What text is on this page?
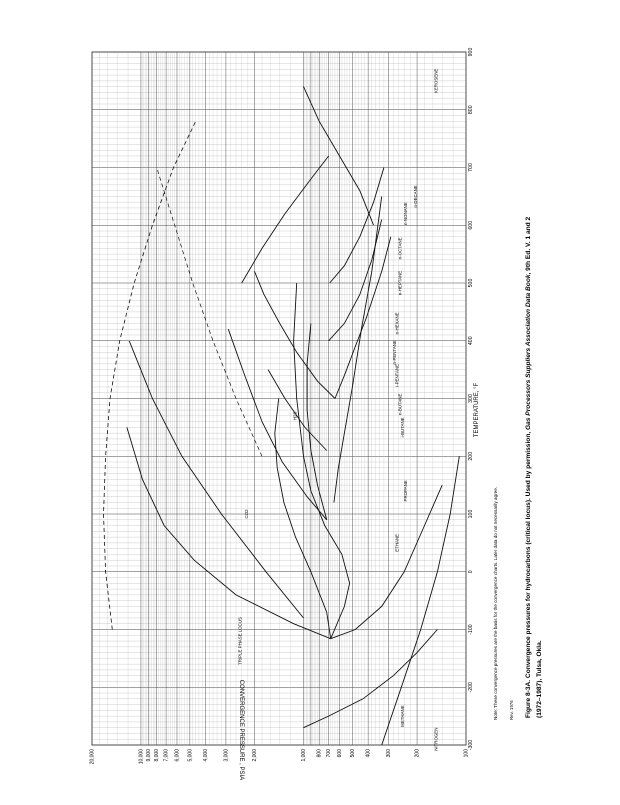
TRIPLE PHASE LOCUS
METHANE
ETHANE
PROPANE
n-BUTANE
i-BUTANE
n-PENTANE
i-PENTANE
n-HEXANE
n-HEPTANE
n-OCTANE
n-NONANE
n-DECANE
KEROSENE
NITROGEN
H2S
CO2
-300
-200
-100
0
100
200
300
400
500
600
700
800
900
100
200
300
400
500
600
700
800
1,000
2,000
3,000
4,000
5,000
6,000
7,000
8,000
9,000
10,000
20,000
TEMPERATURE, °F
CONVERGENCE PRESSURE , PSIA
Note: These convergence pressures are the basis for the convergence charts. Later data do not necessarily agree.	Rev. 1976 Figure 8-3A. Convergence pressures for hydrocarbons (critical locus). Used by permission, Gas Processors Suppliers Association Data Book, 9th Ed. V. 1 and 2
(1972–1987), Tulsa, Okla.
